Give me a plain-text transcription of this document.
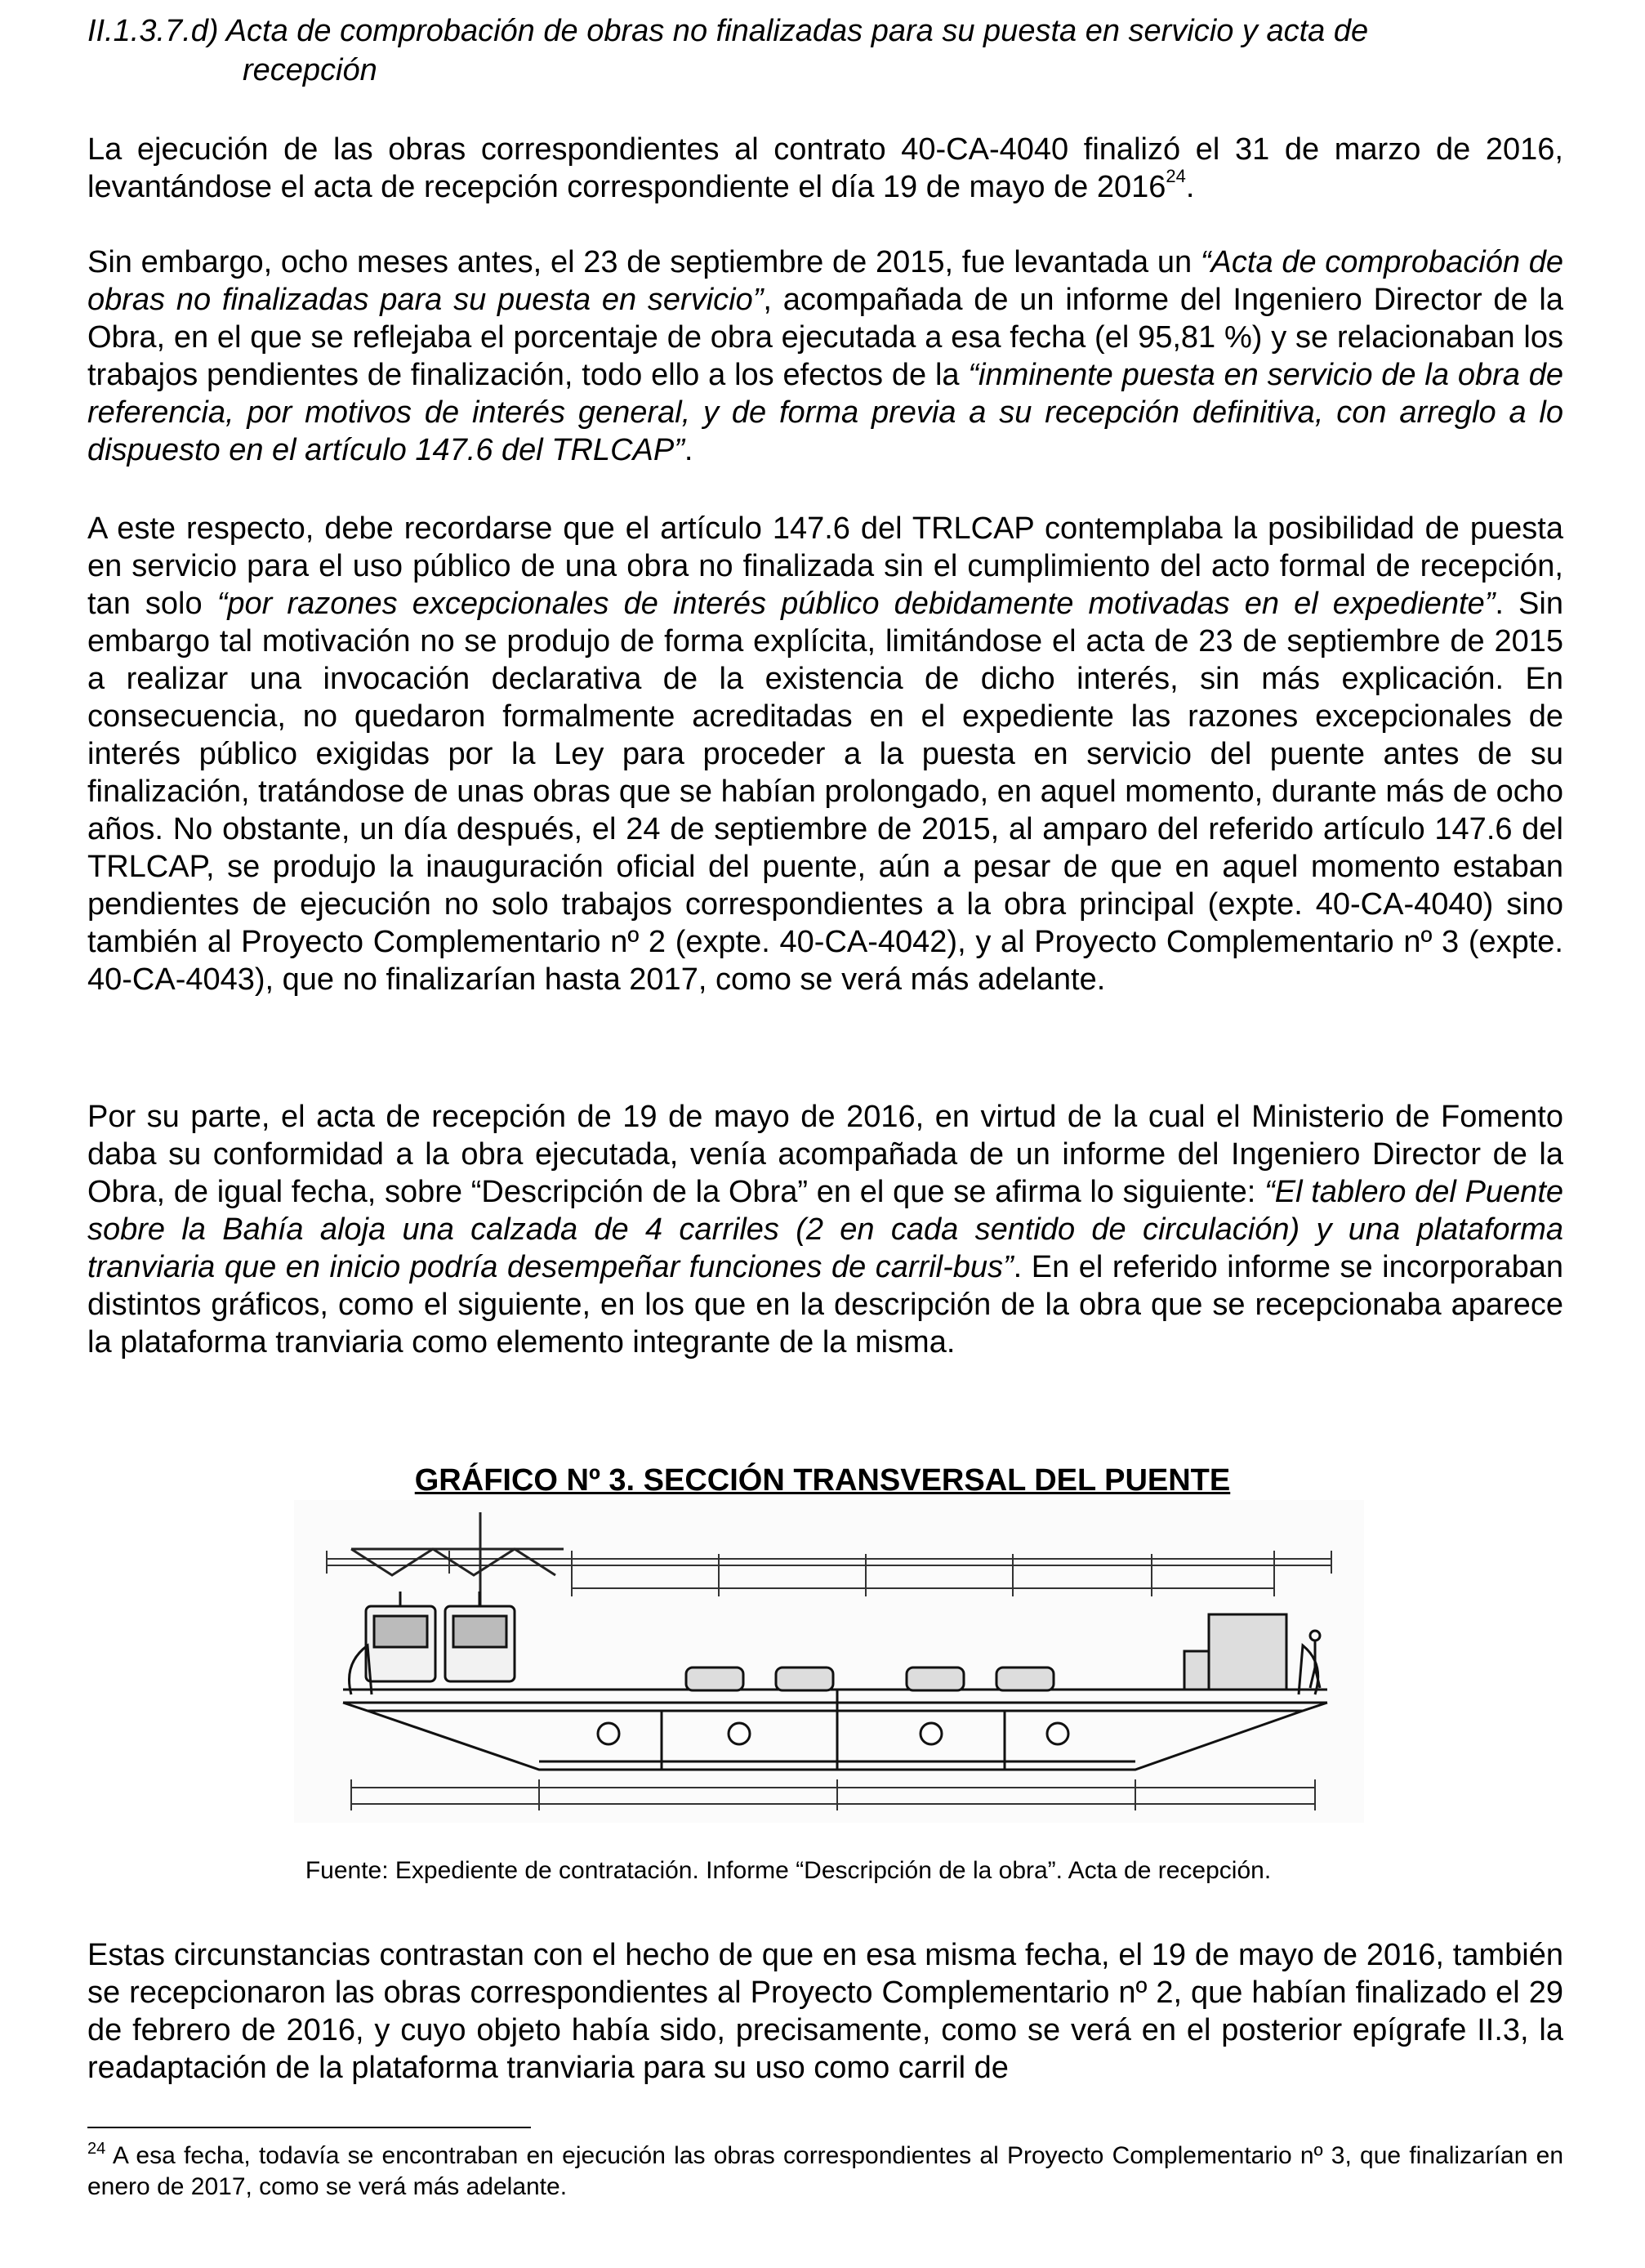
II.1.3.7.d) Acta de comprobación de obras no finalizadas para su puesta en servicio y acta de
recepción
La ejecución de las obras correspondientes al contrato 40-CA-4040 finalizó el 31 de marzo de 2016, levantándose el acta de recepción correspondiente el día 19 de mayo de 2016$^{24}$.
Sin embargo, ocho meses antes, el 23 de septiembre de 2015, fue levantada un “Acta de comprobación de obras no finalizadas para su puesta en servicio”, acompañada de un informe del Ingeniero Director de la Obra, en el que se reflejaba el porcentaje de obra ejecutada a esa fecha (el 95,81 %) y se relacionaban los trabajos pendientes de finalización, todo ello a los efectos de la “inminente puesta en servicio de la obra de referencia, por motivos de interés general, y de forma previa a su recepción definitiva, con arreglo a lo dispuesto en el artículo 147.6 del TRLCAP”.
A este respecto, debe recordarse que el artículo 147.6 del TRLCAP contemplaba la posibilidad de puesta en servicio para el uso público de una obra no finalizada sin el cumplimiento del acto formal de recepción, tan solo “por razones excepcionales de interés público debidamente motivadas en el expediente”. Sin embargo tal motivación no se produjo de forma explícita, limitándose el acta de 23 de septiembre de 2015 a realizar una invocación declarativa de la existencia de dicho interés, sin más explicación. En consecuencia, no quedaron formalmente acreditadas en el expediente las razones excepcionales de interés público exigidas por la Ley para proceder a la puesta en servicio del puente antes de su finalización, tratándose de unas obras que se habían prolongado, en aquel momento, durante más de ocho años. No obstante, un día después, el 24 de septiembre de 2015, al amparo del referido artículo 147.6 del TRLCAP, se produjo la inauguración oficial del puente, aún a pesar de que en aquel momento estaban pendientes de ejecución no solo trabajos correspondientes a la obra principal (expte. 40-CA-4040) sino también al Proyecto Complementario nº 2 (expte. 40-CA-4042), y al Proyecto Complementario nº 3 (expte. 40-CA-4043), que no finalizarían hasta 2017, como se verá más adelante.
Por su parte, el acta de recepción de 19 de mayo de 2016, en virtud de la cual el Ministerio de Fomento daba su conformidad a la obra ejecutada, venía acompañada de un informe del Ingeniero Director de la Obra, de igual fecha, sobre “Descripción de la Obra” en el que se afirma lo siguiente: “El tablero del Puente sobre la Bahía aloja una calzada de 4 carriles (2 en cada sentido de circulación) y una plataforma tranviaria que en inicio podría desempeñar funciones de carril-bus”. En el referido informe se incorporaban distintos gráficos, como el siguiente, en los que en la descripción de la obra que se recepcionaba aparece la plataforma tranviaria como elemento integrante de la misma.
GRÁFICO Nº 3. SECCIÓN TRANSVERSAL DEL PUENTE
Fuente: Expediente de contratación. Informe “Descripción de la obra”. Acta de recepción.
Estas circunstancias contrastan con el hecho de que en esa misma fecha, el 19 de mayo de 2016, también se recepcionaron las obras correspondientes al Proyecto Complementario nº 2, que habían finalizado el 29 de febrero de 2016, y cuyo objeto había sido, precisamente, como se verá en el posterior epígrafe II.3, la readaptación de la plataforma tranviaria para su uso como carril de
$^{24}$ A esa fecha, todavía se encontraban en ejecución las obras correspondientes al Proyecto Complementario nº 3, que finalizarían en enero de 2017, como se verá más adelante.
